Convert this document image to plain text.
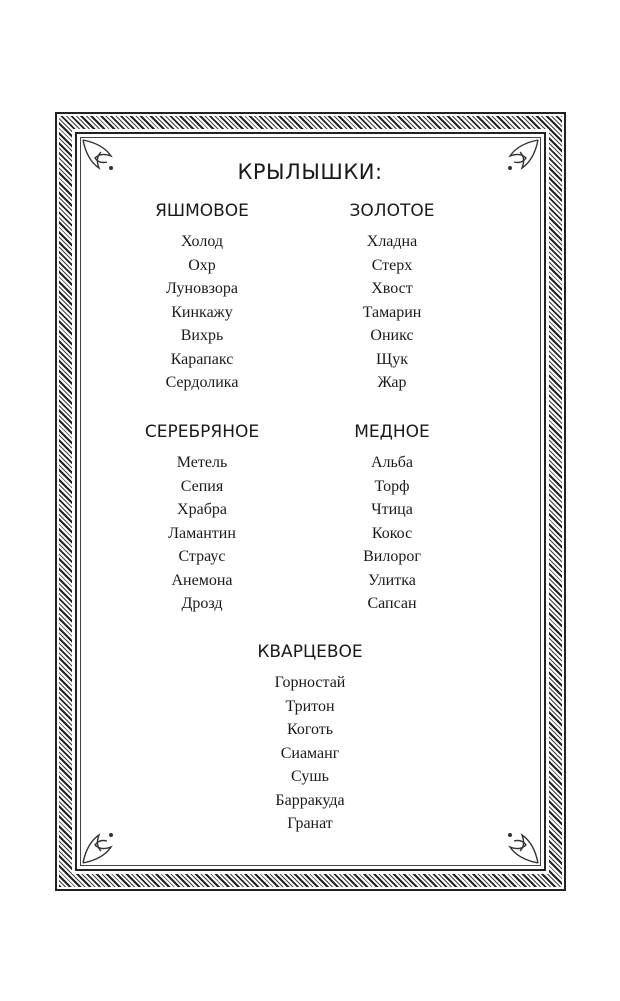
КРЫЛЫШКИ:
ЯШМОВОЕ
Холод
Охр
Луновзора
Кинкажу
Вихрь
Карапакс
Сердолика
ЗОЛОТОЕ
Хладна
Стерх
Хвост
Тамарин
Оникс
Щук
Жар
СЕРЕБРЯНОЕ
Метель
Сепия
Храбра
Ламантин
Страус
Анемона
Дрозд
МЕДНОЕ
Альба
Торф
Чтица
Кокос
Вилорог
Улитка
Сапсан
КВАРЦЕВОЕ
Горностай
Тритон
Коготь
Сиаманг
Сушь
Барракуда
Гранат
